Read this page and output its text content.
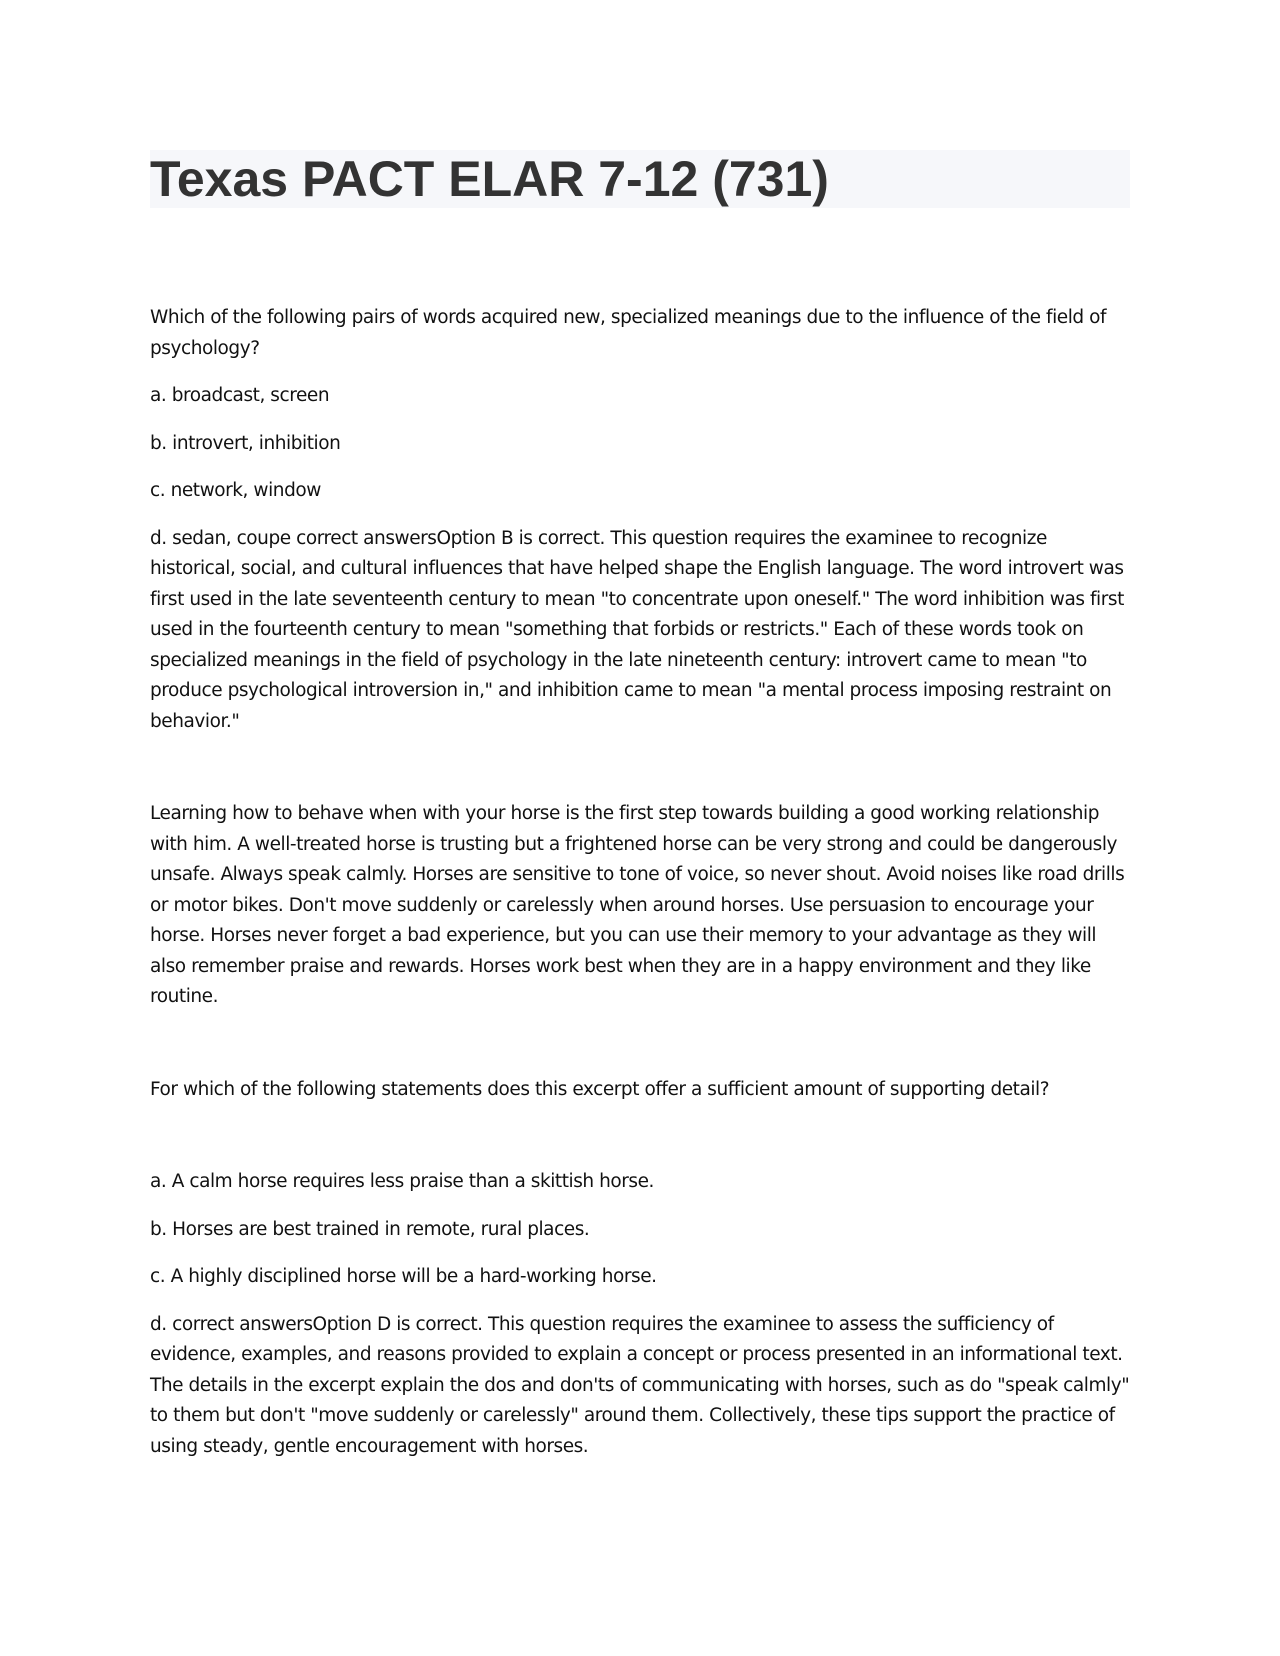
Texas PACT ELAR 7-12 (731)

Which of the following pairs of words acquired new, specialized meanings due to the influence of the field of psychology?

a. broadcast, screen

b. introvert, inhibition

c. network, window

d. sedan, coupe correct answersOption B is correct. This question requires the examinee to recognize historical, social, and cultural influences that have helped shape the English language. The word introvert was first used in the late seventeenth century to mean "to concentrate upon oneself." The word inhibition was first used in the fourteenth century to mean "something that forbids or restricts." Each of these words took on specialized meanings in the field of psychology in the late nineteenth century: introvert came to mean "to produce psychological introversion in," and inhibition came to mean "a mental process imposing restraint on behavior."

Learning how to behave when with your horse is the first step towards building a good working relationship with him. A well-treated horse is trusting but a frightened horse can be very strong and could be dangerously unsafe. Always speak calmly. Horses are sensitive to tone of voice, so never shout. Avoid noises like road drills or motor bikes. Don't move suddenly or carelessly when around horses. Use persuasion to encourage your horse. Horses never forget a bad experience, but you can use their memory to your advantage as they will also remember praise and rewards. Horses work best when they are in a happy environment and they like routine.

For which of the following statements does this excerpt offer a sufficient amount of supporting detail?

a. A calm horse requires less praise than a skittish horse.

b. Horses are best trained in remote, rural places.

c. A highly disciplined horse will be a hard-working horse.

d. correct answersOption D is correct. This question requires the examinee to assess the sufficiency of evidence, examples, and reasons provided to explain a concept or process presented in an informational text. The details in the excerpt explain the dos and don'ts of communicating with horses, such as do "speak calmly" to them but don't "move suddenly or carelessly" around them. Collectively, these tips support the practice of using steady, gentle encouragement with horses.
